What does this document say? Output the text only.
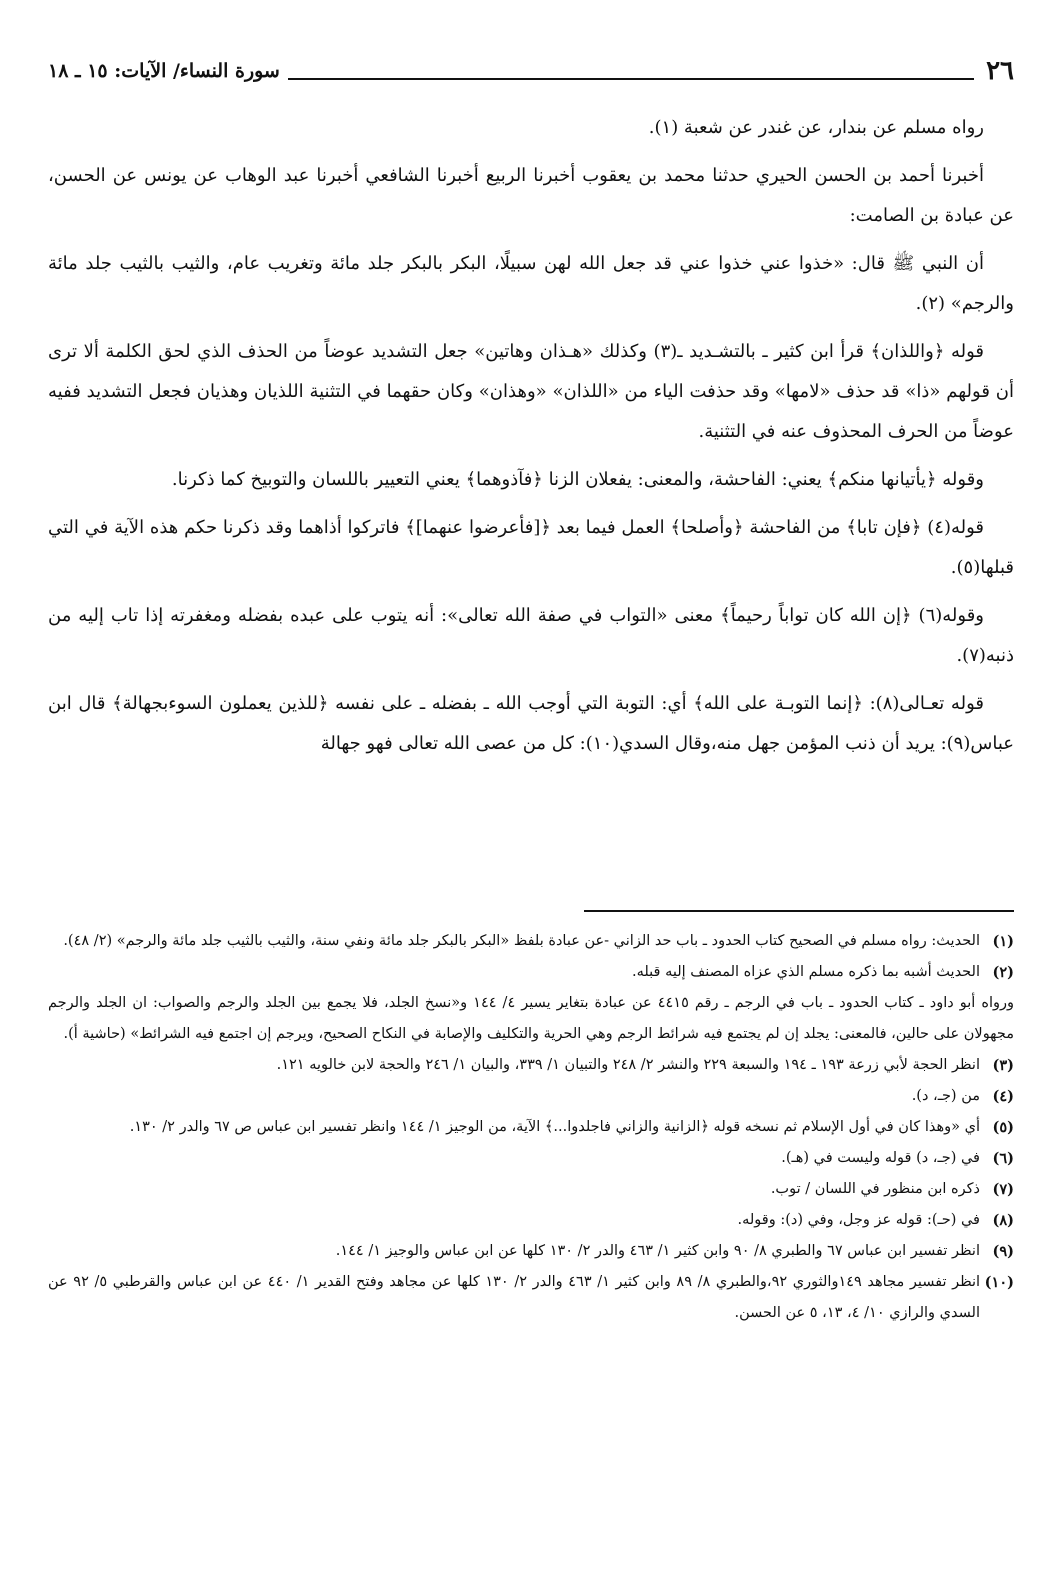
٢٦
سورة النساء/ الآيات: ١٥ ـ ١٨

رواه مسلم عن بندار، عن غندر عن شعبة (١).

أخبرنا أحمد بن الحسن الحيري حدثنا محمد بن يعقوب أخبرنا الربيع أخبرنا الشافعي أخبرنا عبد الوهاب عن يونس عن الحسن، عن عبادة بن الصامت:

أن النبي ﷺ قال: «خذوا عني خذوا عني قد جعل الله لهن سبيلًا، البكر بالبكر جلد مائة وتغريب عام، والثيب بالثيب جلد مائة والرجم» (٢).

قوله ﴿واللذان﴾ قرأ ابن كثير ـ بالتشـديد ـ(٣) وكذلك «هـذان وهاتين» جعل التشديد عوضاً من الحذف الذي لحق الكلمة ألا ترى أن قولهم «ذا» قد حذف «لامها» وقد حذفت الياء من «اللذان» «وهذان» وكان حقهما في التثنية اللذيان وهذيان فجعل التشديد ففيه عوضاً من الحرف المحذوف عنه في التثنية.

وقوله ﴿يأتيانها منكم﴾ يعني: الفاحشة، والمعنى: يفعلان الزنا ﴿فآذوهما﴾ يعني التعيير باللسان والتوبيخ كما ذكرنا.

قوله(٤) ﴿فإن تابا﴾ من الفاحشة ﴿وأصلحا﴾ العمل فيما بعد ﴿[فأعرضوا عنهما]﴾ فاتركوا أذاهما وقد ذكرنا حكم هذه الآية في التي قبلها(٥).

وقوله(٦) ﴿إن الله كان تواباً رحيماً﴾ معنى «التواب في صفة الله تعالى»: أنه يتوب على عبده بفضله ومغفرته إذا تاب إليه من ذنبه(٧).

قوله تعـالى(٨): ﴿إنما التوبـة على الله﴾ أي: التوبة التي أوجب الله ـ بفضله ـ على نفسه ﴿للذين يعملون السوءبجهالة﴾ قال ابن عباس(٩): يريد أن ذنب المؤمن جهل منه،وقال السدي(١٠): كل من عصى الله تعالى فهو جهالة

(١)
الحديث: رواه مسلم في الصحيح كتاب الحدود ـ باب حد الزاني -عن عبادة بلفظ «البكر بالبكر جلد مائة ونفي سنة، والثيب بالثيب جلد مائة والرجم» (٢/ ٤٨).

(٢)
الحديث أشبه بما ذكره مسلم الذي عزاه المصنف إليه قبله.

ورواه أبو داود ـ كتاب الحدود ـ باب في الرجم ـ رقم ٤٤١٥ عن عبادة بتغاير يسير ٤/ ١٤٤ و«نسخ الجلد، فلا يجمع بين الجلد والرجم والصواب: ان الجلد والرجم مجهولان على حالين، فالمعنى: يجلد إن لم يجتمع فيه شرائط الرجم وهي الحرية والتكليف والإصابة في النكاح الصحيح، ويرجم إن اجتمع فيه الشرائط» (حاشية أ).

(٣)
انظر الحجة لأبي زرعة ١٩٣ ـ ١٩٤ والسبعة ٢٢٩ والنشر ٢/ ٢٤٨ والتبيان ١/ ٣٣٩، والبيان ١/ ٢٤٦ والحجة لابن خالويه ١٢١.

(٤)
من (جـ، د).

(٥)
أي «وهذا كان في أول الإسلام ثم نسخه قوله ﴿الزانية والزاني فاجلدوا...﴾ الآية، من الوجيز ١/ ١٤٤ وانظر تفسير ابن عباس ص ٦٧ والدر ٢/ ١٣٠.

(٦)
في (جـ، د) قوله وليست في (هـ).

(٧)
ذكره ابن منظور في اللسان / توب.

(٨)
في (حـ): قوله عز وجل، وفي (د): وقوله.

(٩)
انظر تفسير ابن عباس ٦٧ والطبري ٨/ ٩٠ وابن كثير ١/ ٤٦٣ والدر ٢/ ١٣٠ كلها عن ابن عباس والوجيز ١/ ١٤٤.

(١٠)
انظر تفسير مجاهد ١٤٩والثوري ٩٢،والطبري ٨/ ٨٩ وابن كثير ١/ ٤٦٣ والدر ٢/ ١٣٠ كلها عن مجاهد وفتح القدير ١/ ٤٤٠ عن ابن عباس والقرطبي ٥/ ٩٢ عن السدي والرازي ١٠/ ٤، ١٣، ٥ عن الحسن.
